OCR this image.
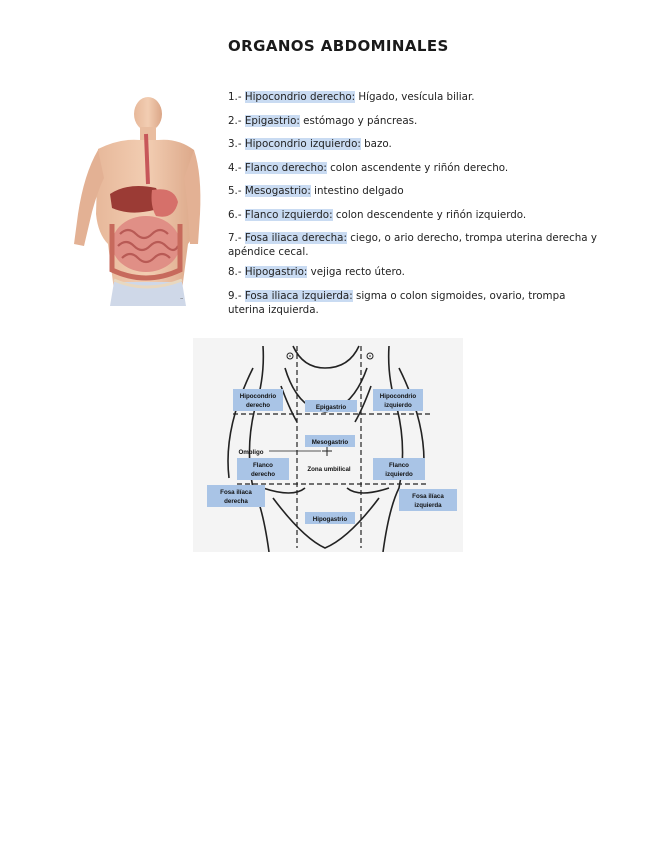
ORGANOS ABDOMINALES
~
1.- Hipocondrio derecho: Hígado, vesícula biliar.
2.- Epigastrio: estómago y páncreas.
3.- Hipocondrio izquierdo: bazo.
4.- Flanco derecho: colon ascendente y riñón derecho.
5.- Mesogastrio: intestino delgado
6.- Flanco izquierdo: colon descendente y riñón izquierdo.
7.- Fosa iliaca derecha: ciego, o ario derecho, trompa uterina derecha y apéndice cecal.
8.- Hipogastrio: vejiga recto útero.
9.- Fosa iliaca izquierda: sigma o colon sigmoides, ovario, trompa uterina izquierda.
Hipocondrio
derecho	Epigastrio
Hipocondrio
izquierdo
Mesogastrio
Ombligo
Flanco
derecho
Zona umbilical
Flanco
izquierdo
Fosa ilíaca
derecha
Fosa ilíaca
izquierda
Hipogastrio
